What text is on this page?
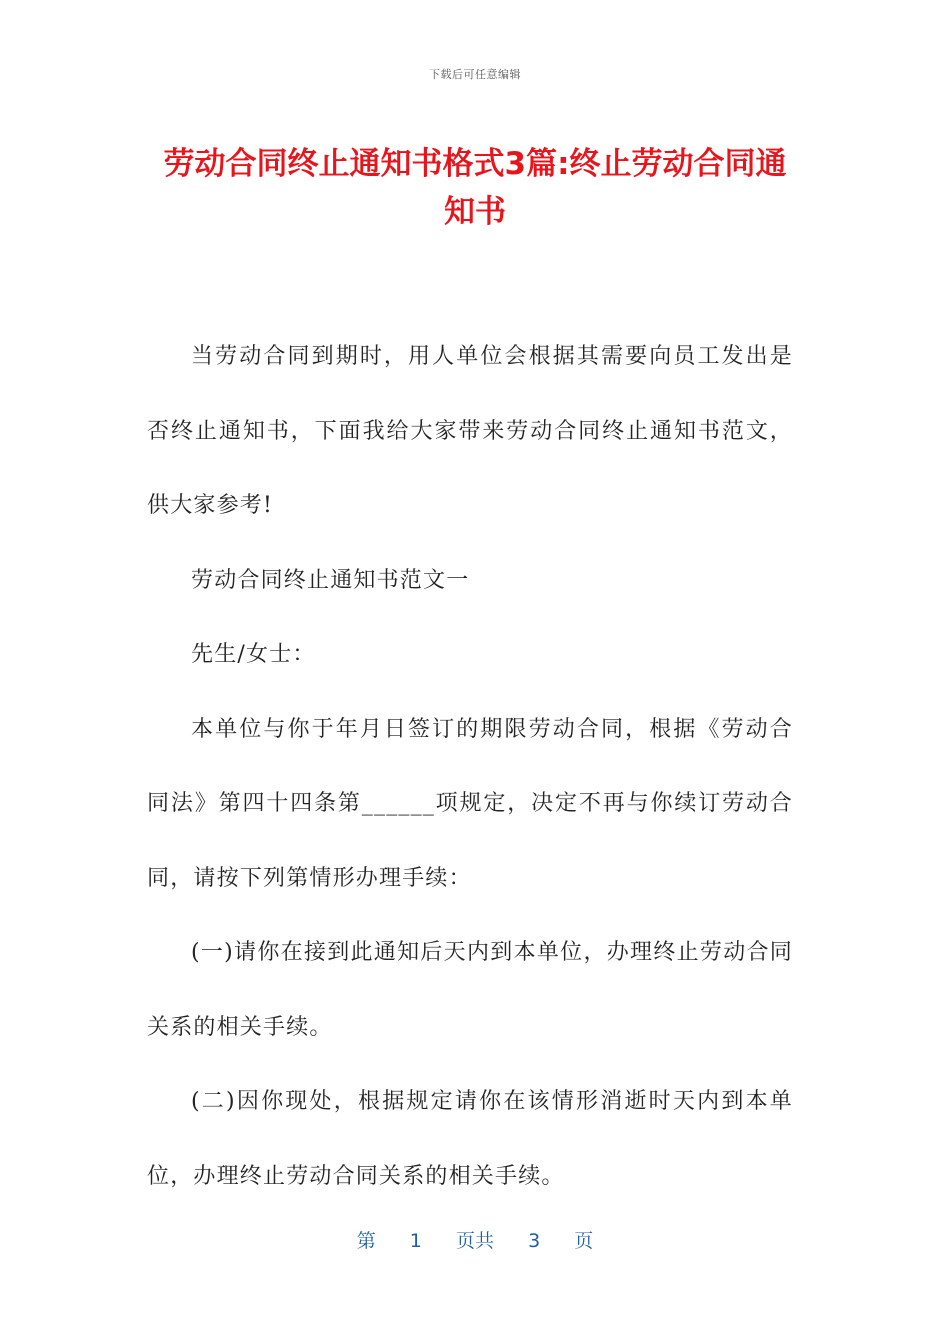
下载后可任意编辑
劳动合同终止通知书格式3篇:终止劳动合同通知书

当劳动合同到期时，用人单位会根据其需要向员工发出是否终止通知书，下面我给大家带来劳动合同终止通知书范文，供大家参考!

劳动合同终止通知书范文一

先生/女士：

本单位与你于年月日签订的期限劳动合同，根据《劳动合同法》第四十四条第______项规定，决定不再与你续订劳动合同，请按下列第情形办理手续：

(一)请你在接到此通知后天内到本单位，办理终止劳动合同关系的相关手续。

(二)因你现处，根据规定请你在该情形消逝时天内到本单位，办理终止劳动合同关系的相关手续。

第 1 页共 3 页
